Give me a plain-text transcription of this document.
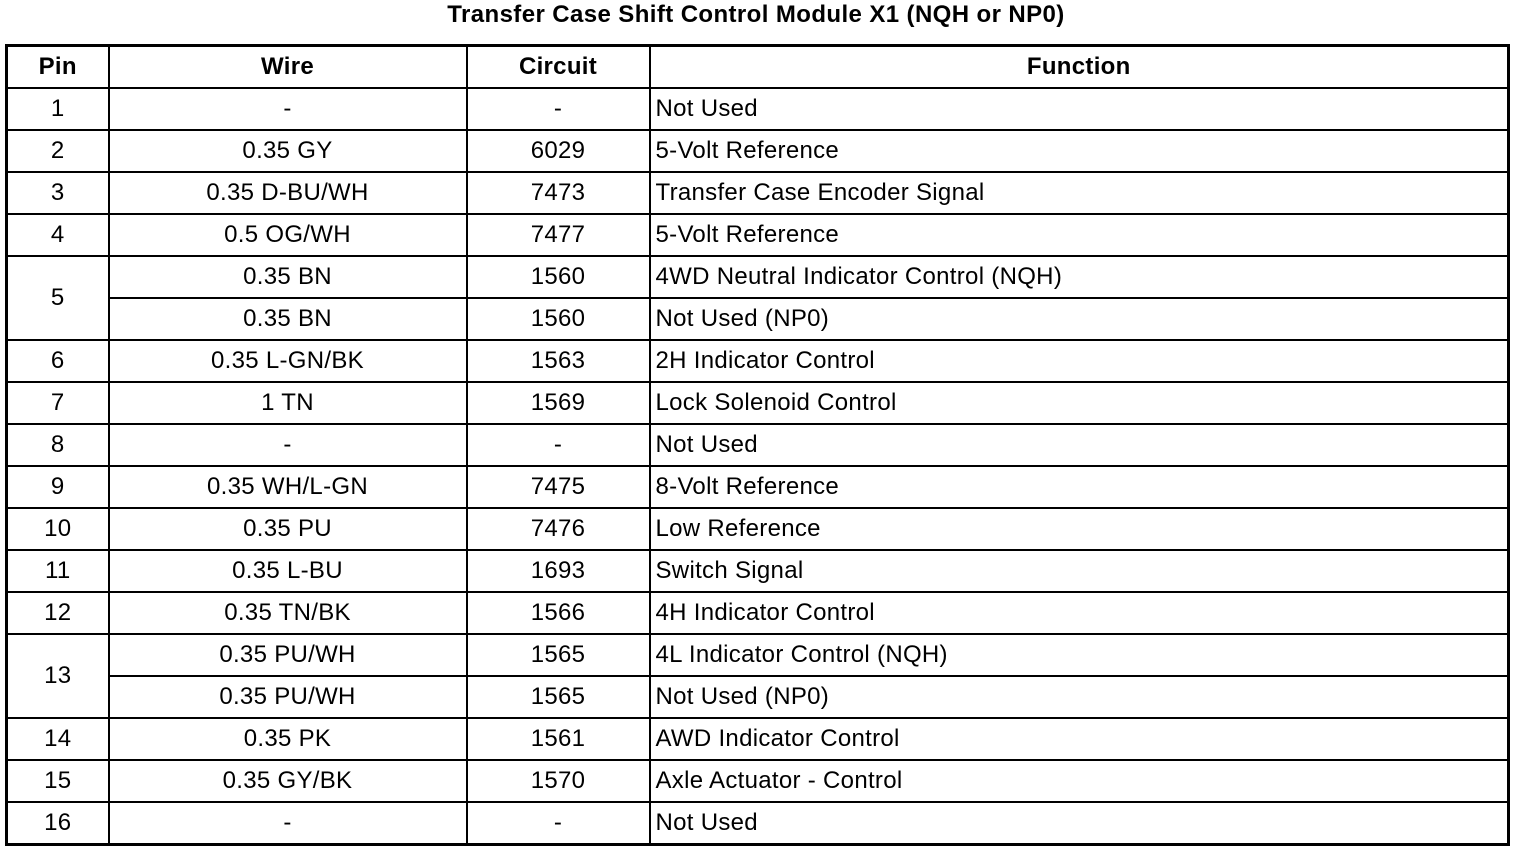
Transfer Case Shift Control Module X1 (NQH or NP0)
Pin	Wire	Circuit	Function
1	-	-	Not Used
2	0.35 GY	6029	5-Volt Reference
3	0.35 D-BU/WH	7473	Transfer Case Encoder Signal
4	0.5 OG/WH	7477	5-Volt Reference
5	0.35 BN	1560	4WD Neutral Indicator Control (NQH)
	0.35 BN	1560	Not Used (NP0)
6	0.35 L-GN/BK	1563	2H Indicator Control
7	1 TN	1569	Lock Solenoid Control
8	-	-	Not Used
9	0.35 WH/L-GN	7475	8-Volt Reference
10	0.35 PU	7476	Low Reference
11	0.35 L-BU	1693	Switch Signal
12	0.35 TN/BK	1566	4H Indicator Control
13	0.35 PU/WH	1565	4L Indicator Control (NQH)
	0.35 PU/WH	1565	Not Used (NP0)
14	0.35 PK	1561	AWD Indicator Control
15	0.35 GY/BK	1570	Axle Actuator - Control
16	-	-	Not Used
